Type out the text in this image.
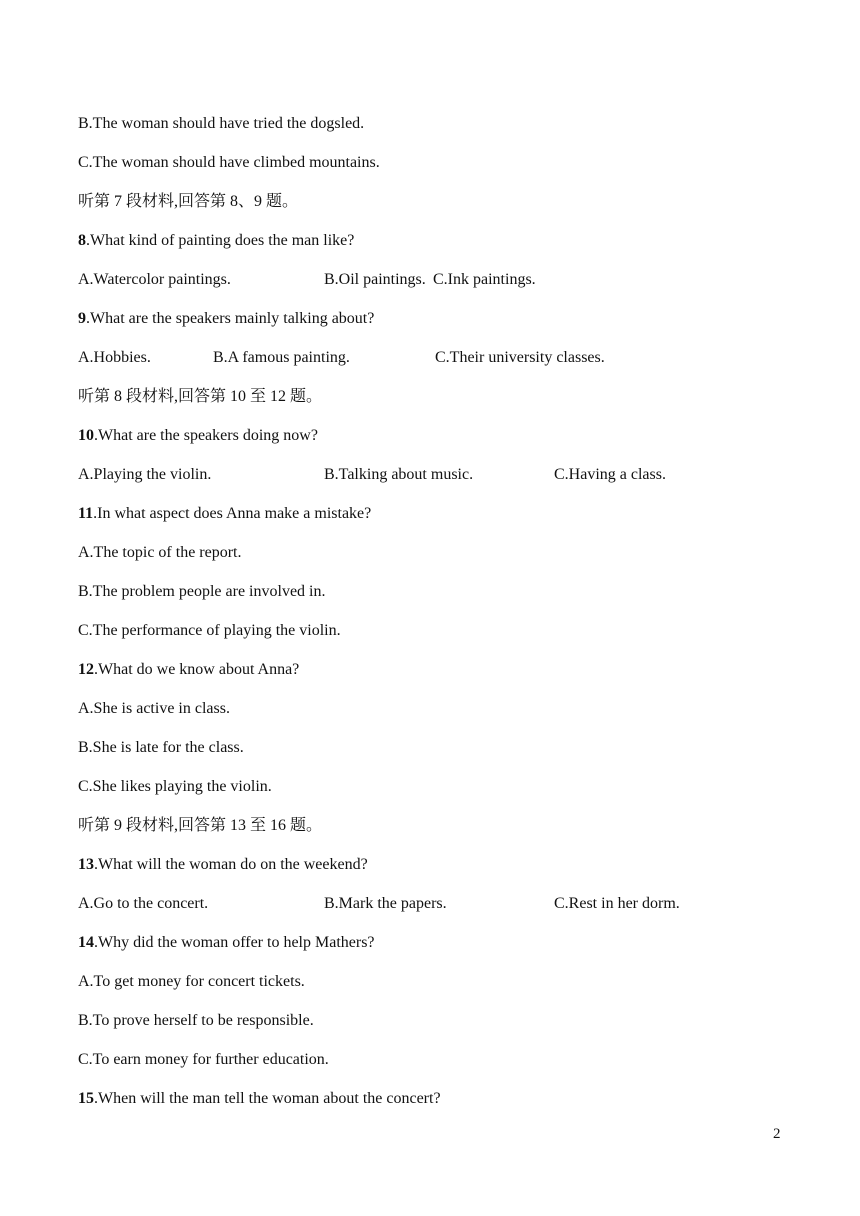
B.The woman should have tried the dogsled.
C.The woman should have climbed mountains.
听第 7 段材料,回答第 8、9 题。
8.What kind of painting does the man like?
A.Watercolor paintings.	B.Oil paintings. C.Ink paintings.
9.What are the speakers mainly talking about?
A.Hobbies.	B.A famous painting.	C.Their university classes.
听第 8 段材料,回答第 10 至 12 题。
10.What are the speakers doing now?
A.Playing the violin.	B.Talking about music.	C.Having a class.
11.In what aspect does Anna make a mistake?
A.The topic of the report.
B.The problem people are involved in.
C.The performance of playing the violin.
12.What do we know about Anna?
A.She is active in class.
B.She is late for the class.
C.She likes playing the violin.
听第 9 段材料,回答第 13 至 16 题。
13.What will the woman do on the weekend?
A.Go to the concert.	B.Mark the papers.	C.Rest in her dorm.
14.Why did the woman offer to help Mathers?
A.To get money for concert tickets.
B.To prove herself to be responsible.
C.To earn money for further education.
15.When will the man tell the woman about the concert?
2
